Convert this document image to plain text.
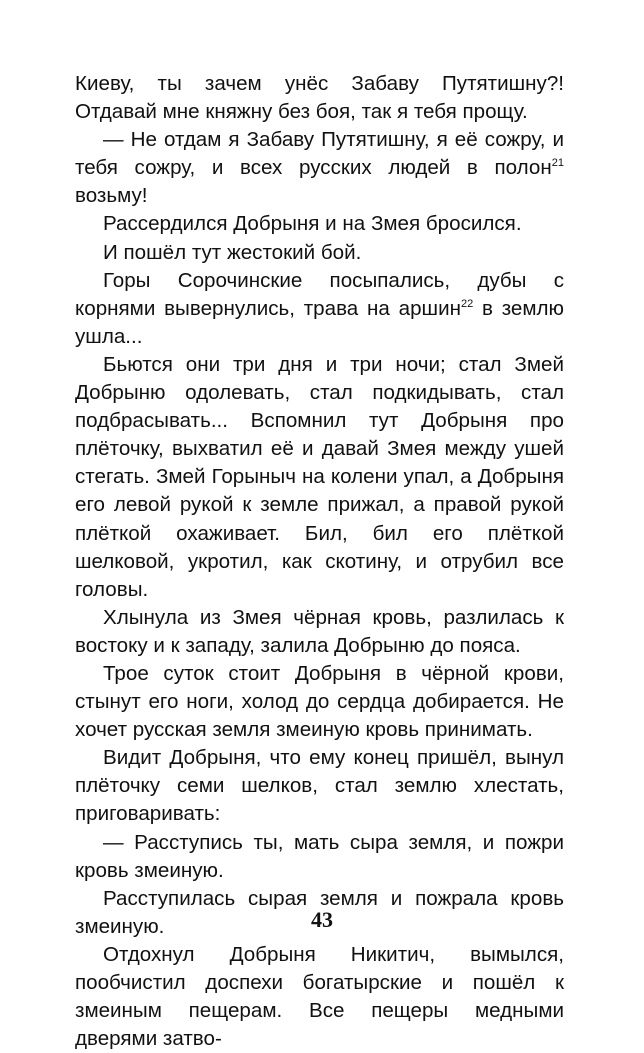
Киеву, ты зачем унёс Забаву Путятишну?! Отдавай мне княжну без боя, так я тебя прощу.

— Не отдам я Забаву Путятишну, я её сожру, и тебя сожру, и всех русских людей в полон$^{21}$ возьму!

Рассердился Добрыня и на Змея бросился.

И пошёл тут жестокий бой.

Горы Сорочинские посыпались, дубы с корнями вывернулись, трава на аршин$^{22}$ в землю ушла...

Бьются они три дня и три ночи; стал Змей Добрыню одолевать, стал подкидывать, стал подбрасывать... Вспомнил тут Добрыня про плёточку, выхватил её и давай Змея между ушей стегать. Змей Горыныч на колени упал, а Добрыня его левой рукой к земле прижал, а правой рукой плёткой охаживает. Бил, бил его плёткой шелковой, укротил, как скотину, и отрубил все головы.

Хлынула из Змея чёрная кровь, разлилась к востоку и к западу, залила Добрыню до пояса.

Трое суток стоит Добрыня в чёрной крови, стынут его ноги, холод до сердца добирается. Не хочет русская земля змеиную кровь принимать.

Видит Добрыня, что ему конец пришёл, вынул плёточку семи шелков, стал землю хлестать, приговаривать:

— Расступись ты, мать сыра земля, и пожри кровь змеиную.

Расступилась сырая земля и пожрала кровь змеиную.

Отдохнул Добрыня Никитич, вымылся, пообчистил доспехи богатырские и пошёл к змеиным пещерам. Все пещеры медными дверями затво-

43
